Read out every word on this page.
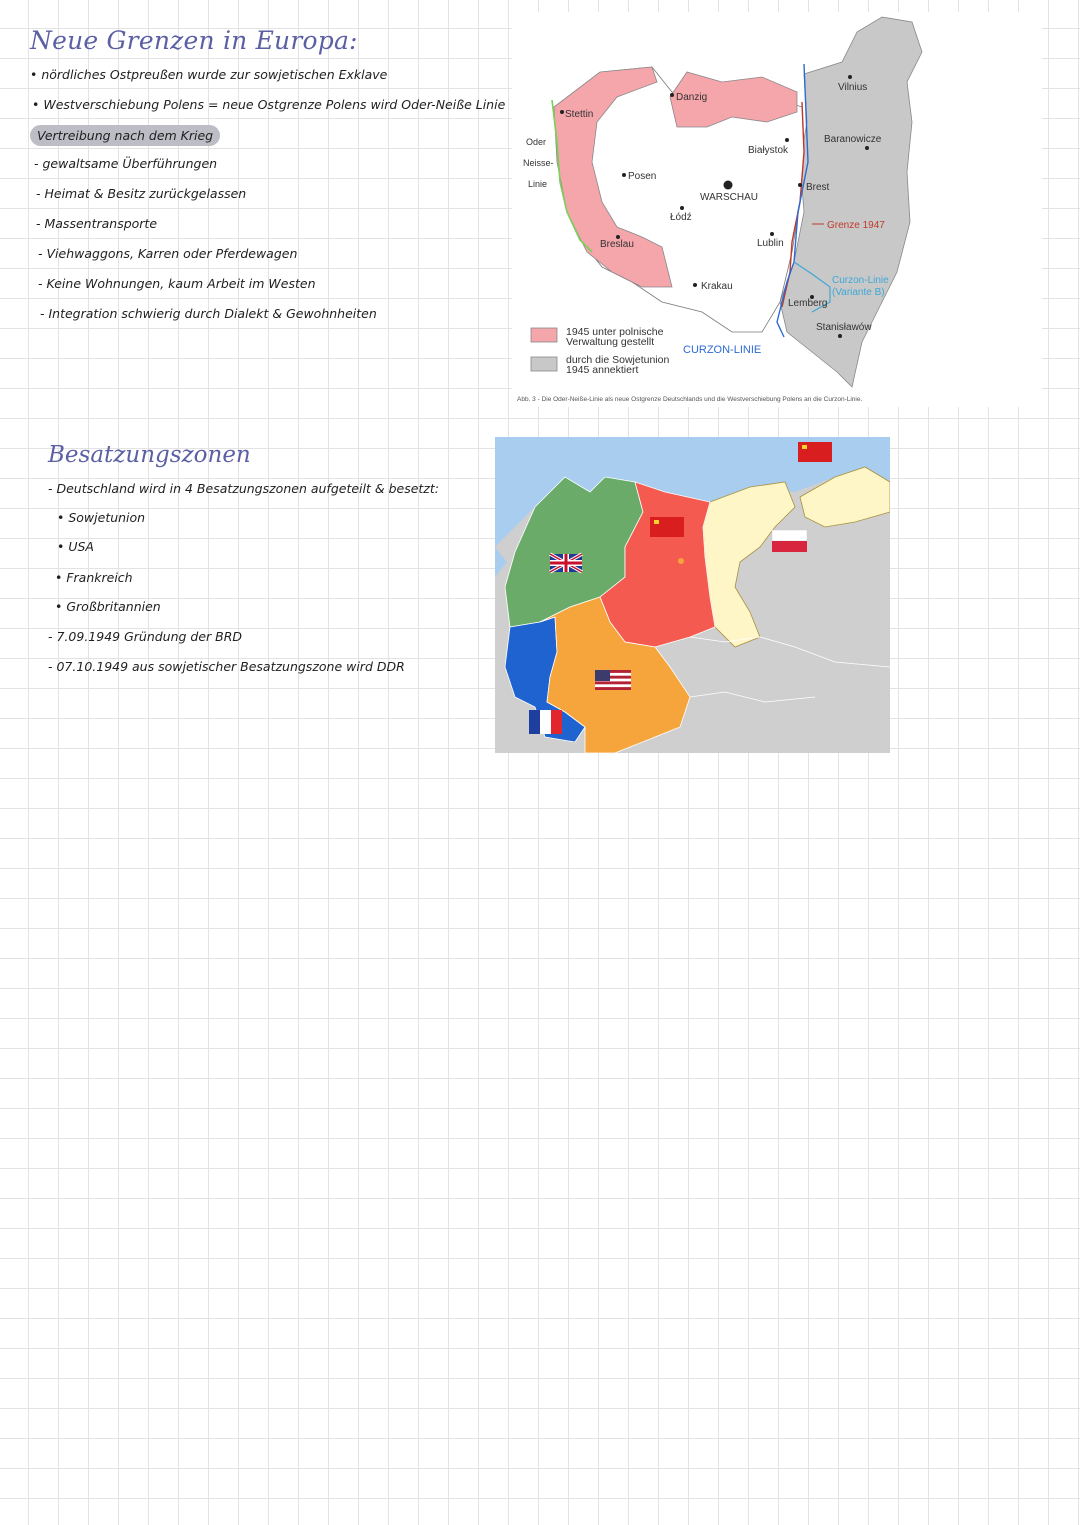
Neue Grenzen in Europa:
• nördliches Ostpreußen wurde zur sowjetischen Exklave
• Westverschiebung Polens = neue Ostgrenze Polens wird Oder-Neiße Linie
Vertreibung nach dem Krieg
- gewaltsame Überführungen
- Heimat & Besitz zurückgelassen
- Massentransporte
- Viehwaggons, Karren oder Pferdewagen
- Keine Wohnungen, kaum Arbeit im Westen
- Integration schwierig durch Dialekt & Gewohnheiten
Stettin
Danzig
Posen
Białystok
WARSCHAU
Łódź
Breslau	Lublin
Krakau
Brest
Vilnius
Baranowicze
Grenze 1947
Curzon-Linie
(Variante B)
Lemberg
Stanisławów
Oder
Neisse-
Linie
CURZON-LINIE
1945 unter polnische
Verwaltung gestellt
durch die Sowjetunion
1945 annektiert
Abb. 3 - Die Oder-Neiße-Linie als neue Ostgrenze Deutschlands und die Westverschiebung Polens an die Curzon-Linie.
Besatzungszonen
- Deutschland wird in 4 Besatzungszonen aufgeteilt & besetzt:
• Sowjetunion
• USA
• Frankreich
• Großbritannien
- 7.09.1949 Gründung der BRD
- 07.10.1949 aus sowjetischer Besatzungszone wird DDR
